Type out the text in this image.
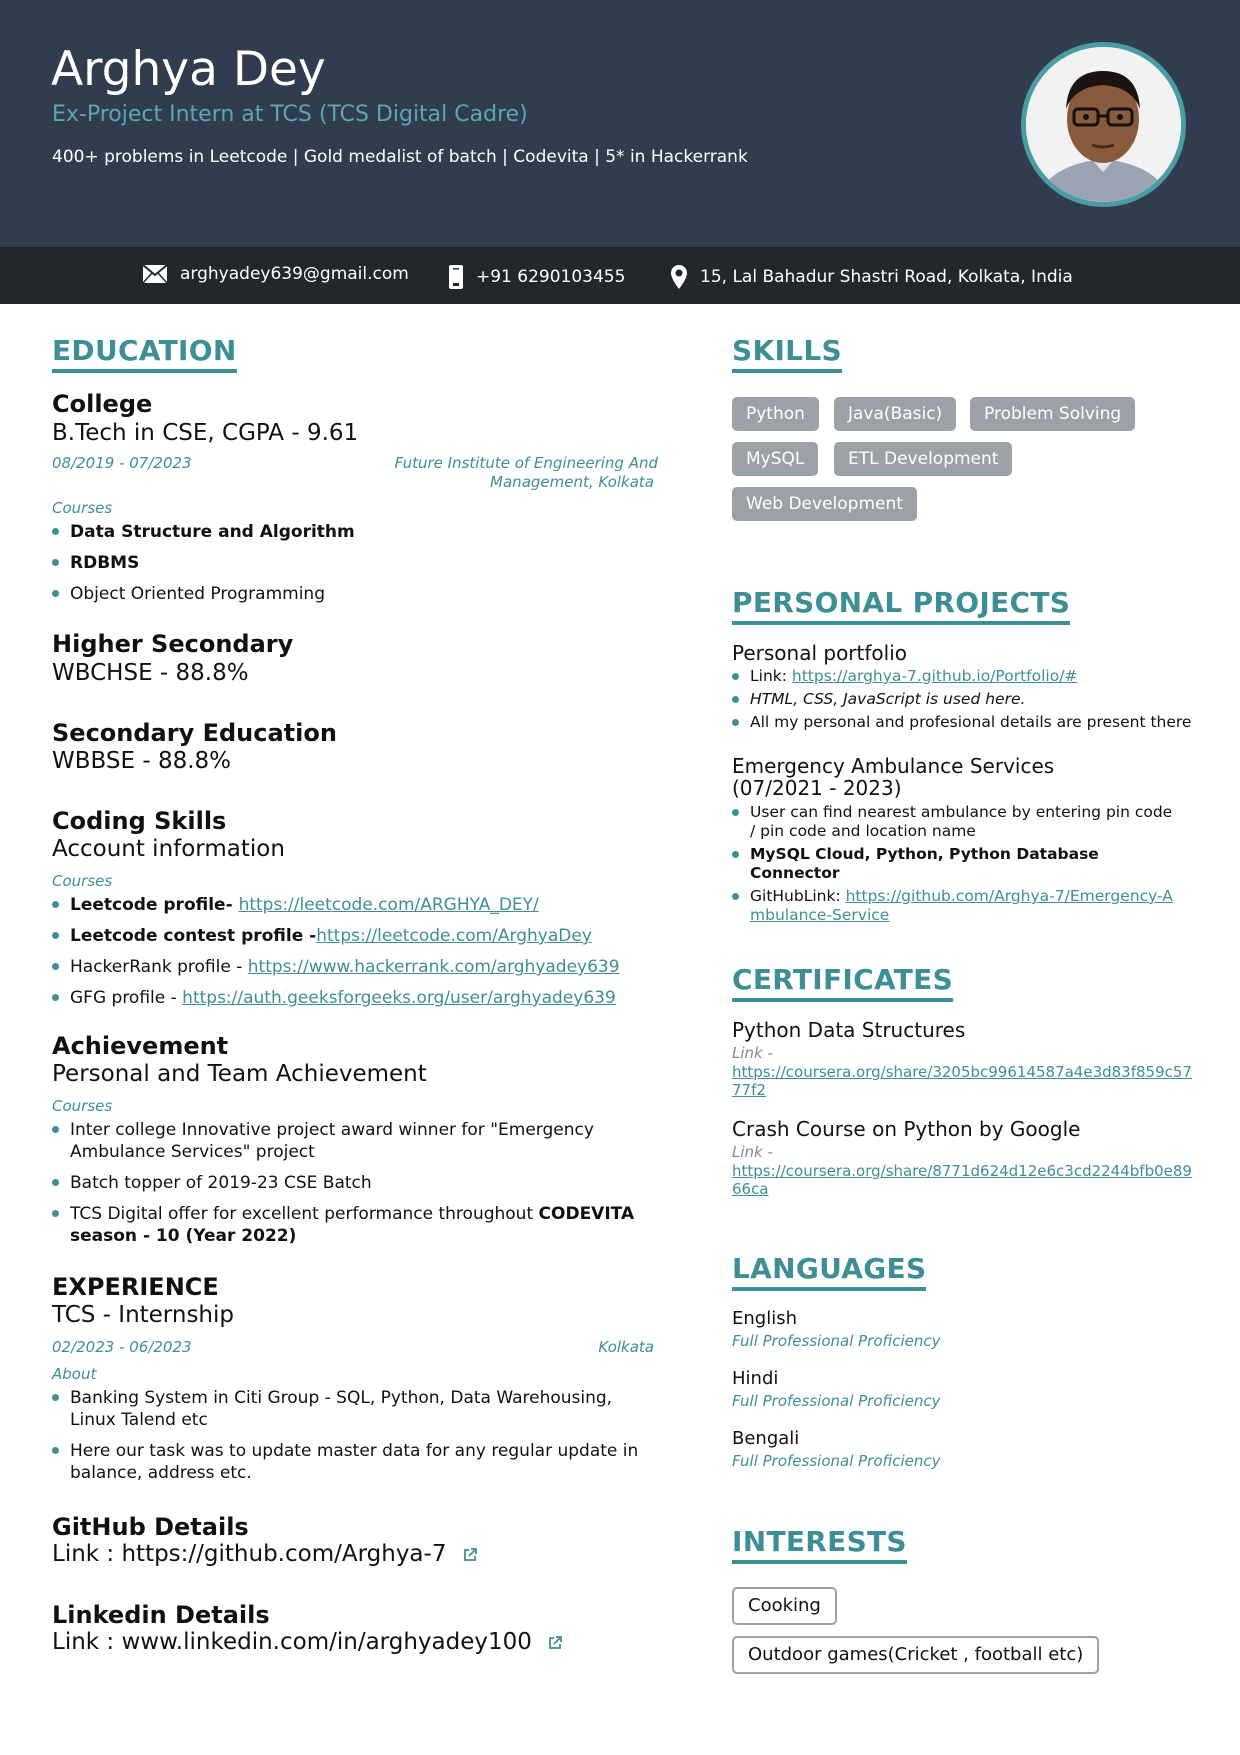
Arghya Dey
Ex-Project Intern at TCS (TCS Digital Cadre)
400+ problems in Leetcode | Gold medalist of batch | Codevita | 5* in Hackerrank
arghyadey639@gmail.com	+91 6290103455	15, Lal Bahadur Shastri Road, Kolkata, India
EDUCATION
College
B.Tech in CSE, CGPA - 9.61
08/2019 - 07/2023	Future Institute of Engineering And
Management, Kolkata
Courses
Data Structure and Algorithm
RDBMS
Object Oriented Programming
Higher Secondary
WBCHSE - 88.8%
Secondary Education
WBBSE - 88.8%
Coding Skills
Account information
Courses
Leetcode profile- https://leetcode.com/ARGHYA_DEY/
Leetcode contest profile -https://leetcode.com/ArghyaDey
HackerRank profile - https://www.hackerrank.com/arghyadey639
GFG profile - https://auth.geeksforgeeks.org/user/arghyadey639
Achievement
Personal and Team Achievement
Courses
Inter college Innovative project award winner for "Emergency Ambulance Services" project
Batch topper of 2019-23 CSE Batch
TCS Digital offer for excellent performance throughout CODEVITA season - 10 (Year 2022)
EXPERIENCE
TCS - Internship
02/2023 - 06/2023	Kolkata
About
Banking System in Citi Group - SQL, Python, Data Warehousing, Linux Talend etc
Here our task was to update master data for any regular update in balance, address etc.
GitHub Details
Link : https://github.com/Arghya-7
Linkedin Details
Link : www.linkedin.com/in/arghyadey100
SKILLS
Python	Java(Basic)	Problem Solving
MySQL	ETL Development
Web Development
PERSONAL PROJECTS
Personal portfolio
Link: https://arghya-7.github.io/Portfolio/#
HTML, CSS, JavaScript is used here.
All my personal and profesional details are present there
Emergency Ambulance Services
(07/2021 - 2023)
User can find nearest ambulance by entering pin code / pin code and location name
MySQL Cloud, Python, Python Database Connector
GitHubLink: https://github.com/Arghya-7/Emergency-Ambulance-Service
CERTIFICATES
Python Data Structures
Link -
https://coursera.org/share/3205bc99614587a4e3d83f859c5777f2
Crash Course on Python by Google
Link -
https://coursera.org/share/8771d624d12e6c3cd2244bfb0e8966ca
LANGUAGES
English
Full Professional Proficiency
Hindi
Full Professional Proficiency
Bengali
Full Professional Proficiency
INTERESTS
Cooking
Outdoor games(Cricket , football etc)
